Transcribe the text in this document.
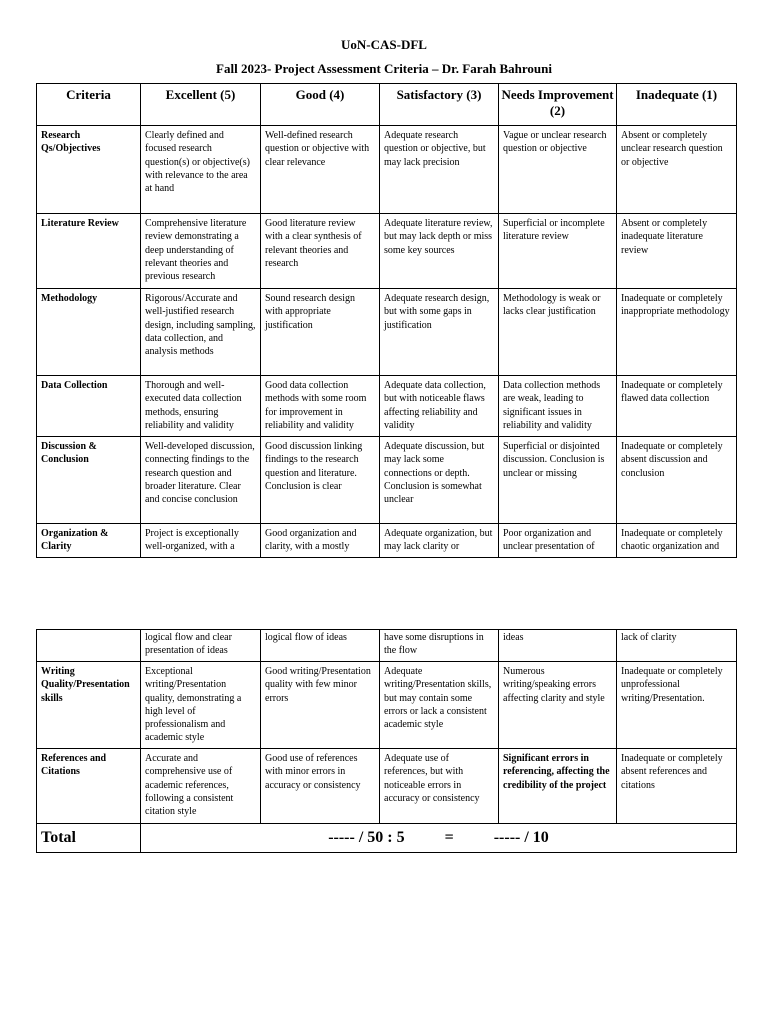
UoN-CAS-DFL
Fall 2023- Project Assessment Criteria – Dr. Farah Bahrouni
Criteria	Excellent (5)	Good (4)	Satisfactory (3)	Needs Improvement (2)	Inadequate (1)
Research Qs/Objectives	Clearly defined and focused research question(s) or objective(s) with relevance to the area at hand	Well-defined research question or objective with clear relevance	Adequate research question or objective, but may lack precision	Vague or unclear research question or objective	Absent or completely unclear research question or objective
Literature Review	Comprehensive literature review demonstrating a deep understanding of relevant theories and previous research	Good literature review with a clear synthesis of relevant theories and research	Adequate literature review, but may lack depth or miss some key sources	Superficial or incomplete literature review	Absent or completely inadequate literature review
Methodology	Rigorous/Accurate and well-justified research design, including sampling, data collection, and analysis methods	Sound research design with appropriate justification	Adequate research design, but with some gaps in justification	Methodology is weak or lacks clear justification	Inadequate or completely inappropriate methodology
Data Collection	Thorough and well-executed data collection methods, ensuring reliability and validity	Good data collection methods with some room for improvement in reliability and validity	Adequate data collection, but with noticeable flaws affecting reliability and validity	Data collection methods are weak, leading to significant issues in reliability and validity	Inadequate or completely flawed data collection
Discussion & Conclusion	Well-developed discussion, connecting findings to the research question and broader literature. Clear and concise conclusion	Good discussion linking findings to the research question and literature. Conclusion is clear	Adequate discussion, but may lack some connections or depth. Conclusion is somewhat unclear	Superficial or disjointed discussion. Conclusion is unclear or missing	Inadequate or completely absent discussion and conclusion
Organization & Clarity	Project is exceptionally well-organized, with a	Good organization and clarity, with a mostly	Adequate organization, but may lack clarity or	Poor organization and unclear presentation of	Inadequate or completely chaotic organization and
	logical flow and clear presentation of ideas	logical flow of ideas	have some disruptions in the flow	ideas	lack of clarity
Writing Quality/Presentation skills	Exceptional writing/Presentation quality, demonstrating a high level of professionalism and academic style	Good writing/Presentation quality with few minor errors	Adequate writing/Presentation skills, but may contain some errors or lack a consistent academic style	Numerous writing/speaking errors affecting clarity and style	Inadequate or completely unprofessional writing/Presentation.
References and Citations	Accurate and comprehensive use of academic references, following a consistent citation style	Good use of references with minor errors in accuracy or consistency	Adequate use of references, but with noticeable errors in accuracy or consistency	Significant errors in referencing, affecting the credibility of the project	Inadequate or completely absent references and citations
Total	----- / 50 : 5          =          ----- / 10				
